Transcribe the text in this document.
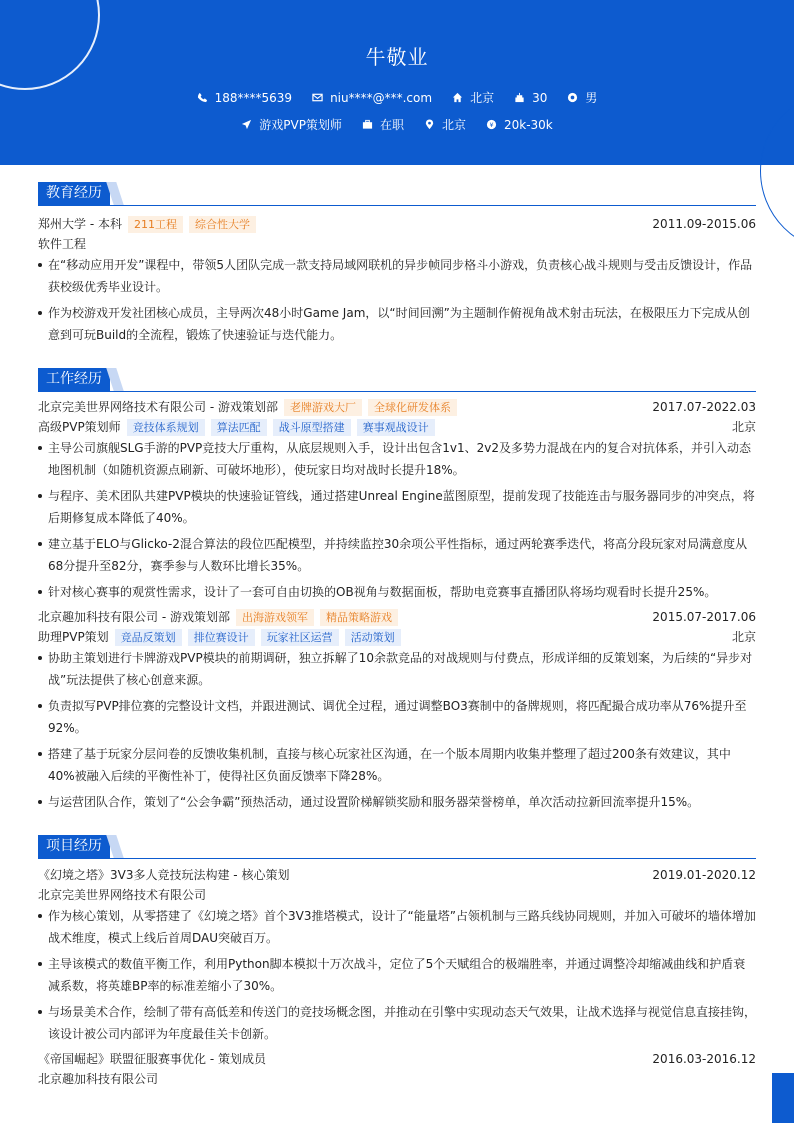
牛敬业
188****5639	niu****@***.com	北京	30	男
游戏PVP策划师	在职	北京	¥ 20k-30k
教育经历
郑州大学 - 本科	211工程	综合性大学	2011.09-2015.06
软件工程
在“移动应用开发”课程中，带领5人团队完成一款支持局域网联机的异步帧同步格斗小游戏，负责核心战斗规则与受击反馈设计，作品获校级优秀毕业设计。
作为校游戏开发社团核心成员，主导两次48小时Game Jam，以“时间回溯”为主题制作俯视角战术射击玩法，在极限压力下完成从创意到可玩Build的全流程，锻炼了快速验证与迭代能力。
工作经历
北京完美世界网络技术有限公司 - 游戏策划部	老牌游戏大厂	全球化研发体系	2017.07-2022.03
高级PVP策划师	竞技体系规划	算法匹配	战斗原型搭建	赛事观战设计	北京
主导公司旗舰SLG手游的PVP竞技大厅重构，从底层规则入手，设计出包含1v1、2v2及多势力混战在内的复合对抗体系，并引入动态地图机制（如随机资源点刷新、可破坏地形），使玩家日均对战时长提升18%。
与程序、美术团队共建PVP模块的快速验证管线，通过搭建Unreal Engine蓝图原型，提前发现了技能连击与服务器同步的冲突点，将后期修复成本降低了40%。
建立基于ELO与Glicko-2混合算法的段位匹配模型，并持续监控30余项公平性指标，通过两轮赛季迭代，将高分段玩家对局满意度从68分提升至82分，赛季参与人数环比增长35%。
针对核心赛事的观赏性需求，设计了一套可自由切换的OB视角与数据面板，帮助电竞赛事直播团队将场均观看时长提升25%。
北京趣加科技有限公司 - 游戏策划部	出海游戏领军	精品策略游戏	2015.07-2017.06
助理PVP策划	竞品反策划	排位赛设计	玩家社区运营	活动策划	北京
协助主策划进行卡牌游戏PVP模块的前期调研，独立拆解了10余款竞品的对战规则与付费点，形成详细的反策划案，为后续的“异步对战”玩法提供了核心创意来源。
负责拟写PVP排位赛的完整设计文档，并跟进测试、调优全过程，通过调整BO3赛制中的备牌规则，将匹配撮合成功率从76%提升至92%。
搭建了基于玩家分层问卷的反馈收集机制，直接与核心玩家社区沟通，在一个版本周期内收集并整理了超过200条有效建议，其中40%被融入后续的平衡性补丁，使得社区负面反馈率下降28%。
与运营团队合作，策划了“公会争霸”预热活动，通过设置阶梯解锁奖励和服务器荣誉榜单，单次活动拉新回流率提升15%。
项目经历
《幻境之塔》3V3多人竞技玩法构建 - 核心策划	2019.01-2020.12
北京完美世界网络技术有限公司
作为核心策划，从零搭建了《幻境之塔》首个3V3推塔模式，设计了“能量塔”占领机制与三路兵线协同规则，并加入可破坏的墙体增加战术维度，模式上线后首周DAU突破百万。
主导该模式的数值平衡工作，利用Python脚本模拟十万次战斗，定位了5个天赋组合的极端胜率，并通过调整冷却缩减曲线和护盾衰减系数，将英雄BP率的标准差缩小了30%。
与场景美术合作，绘制了带有高低差和传送门的竞技场概念图，并推动在引擎中实现动态天气效果，让战术选择与视觉信息直接挂钩，该设计被公司内部评为年度最佳关卡创新。
《帝国崛起》联盟征服赛事优化 - 策划成员	2016.03-2016.12
北京趣加科技有限公司
